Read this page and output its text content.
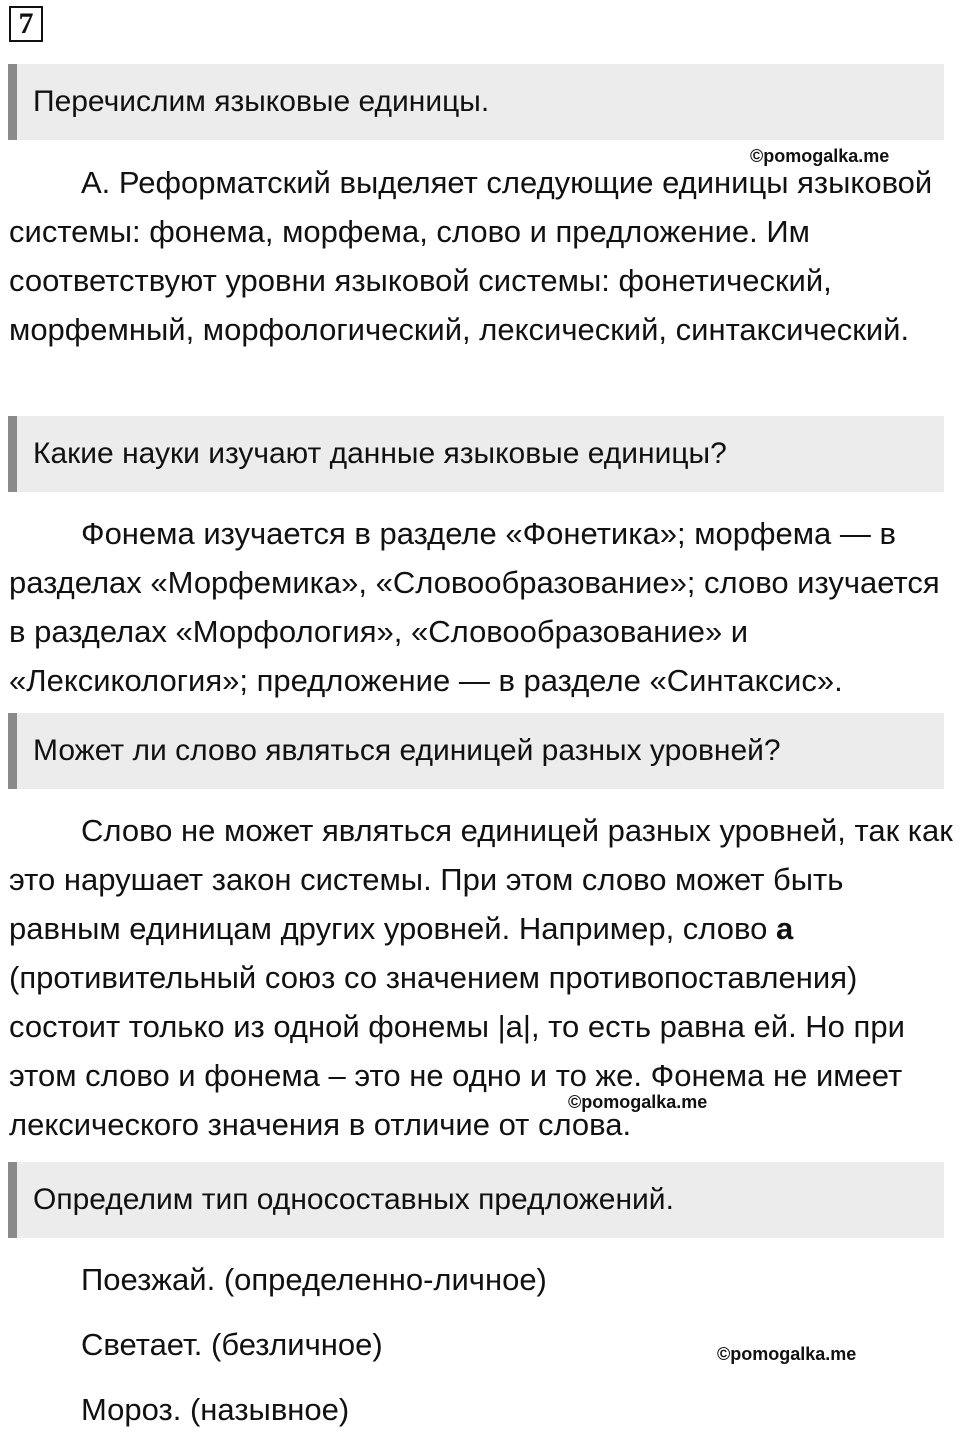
7
Перечислим языковые единицы.

А. Реформатский выделяет следующие единицы языковой системы: фонема, морфема, слово и предложение. Им соответствуют уровни языковой системы: фонетический, морфемный, морфологический, лексический, синтаксический.

Какие науки изучают данные языковые единицы?

Фонема изучается в разделе «Фонетика»; морфема — в разделах «Морфемика», «Словообразование»; слово изучается в разделах «Морфология», «Словообразование» и «Лексикология»; предложение — в разделе «Синтаксис».

Может ли слово являться единицей разных уровней?

Слово не может являться единицей разных уровней, так как это нарушает закон системы. При этом слово может быть равным единицам других уровней. Например, слово а (противительный союз со значением противопоставления) состоит только из одной фонемы |а|, то есть равна ей. Но при этом слово и фонема – это не одно и то же. Фонема не имеет лексического значения в отличие от слова.

Определим тип односоставных предложений.
Поезжай. (определенно-личное)
Светает. (безличное)
Мороз. (назывное)
©pomogalka.me
©pomogalka.me
©pomogalka.me
